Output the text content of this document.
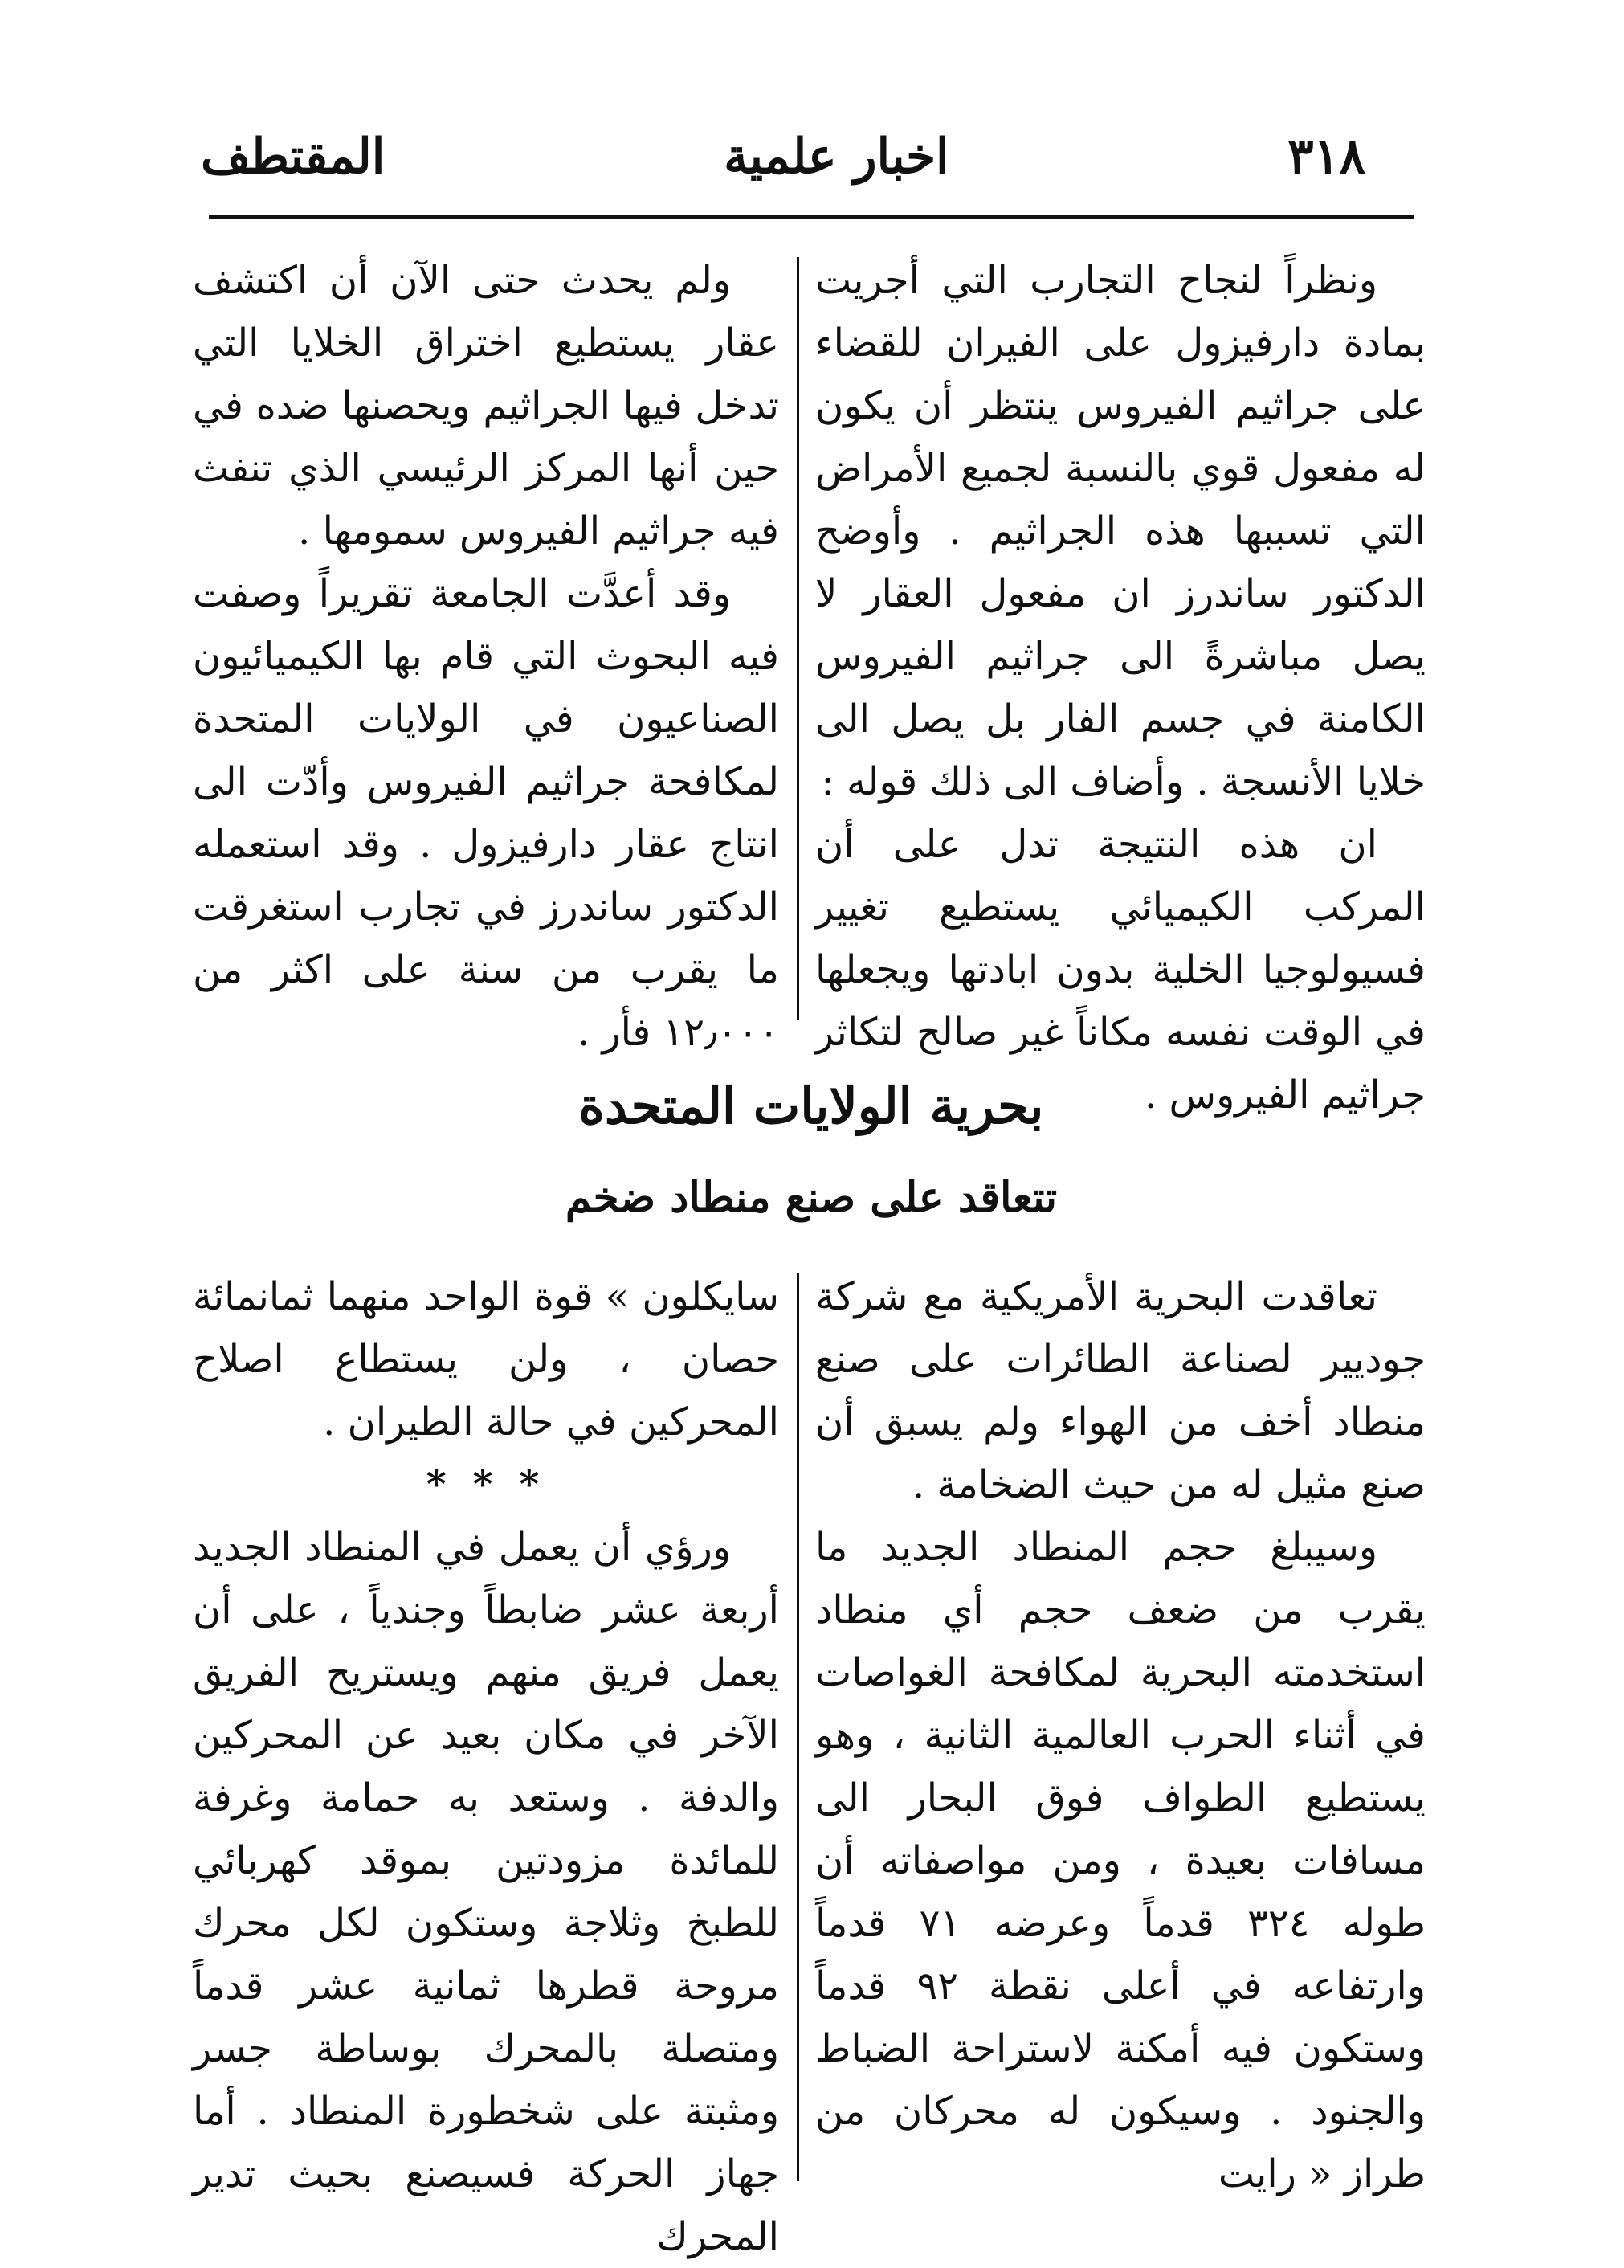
٣١٨
اخبار علمية
المقتطف

ونظراً لنجاح التجارب التي أجريت بمادة دارفيزول على الفيران للقضاء على جراثيم الفيروس ينتظر أن يكون له مفعول قوي بالنسبة لجميع الأمراض التي تسببها هذه الجراثيم . وأوضح الدكتور ساندرز ان مفعول العقار لا يصل مباشرةً الى جراثيم الفيروس الكامنة في جسم الفار بل يصل الى خلايا الأنسجة . وأضاف الى ذلك قوله :

ان هذه النتيجة تدل على أن المركب الكيميائي يستطيع تغيير فسيولوجيا الخلية بدون ابادتها ويجعلها في الوقت نفسه مكاناً غير صالح لتكاثر جراثيم الفيروس .

ولم يحدث حتى الآن أن اكتشف عقار يستطيع اختراق الخلايا التي تدخل فيها الجراثيم ويحصنها ضده في حين أنها المركز الرئيسي الذي تنفث فيه جراثيم الفيروس سمومها .

وقد أعدَّت الجامعة تقريراً وصفت فيه البحوث التي قام بها الكيميائيون الصناعيون في الولايات المتحدة لمكافحة جراثيم الفيروس وأدّت الى انتاج عقار دارفيزول . وقد استعمله الدكتور ساندرز في تجارب استغرقت ما يقرب من سنة على اكثر من ١٢٫٠٠٠ فأر .

بحرية الولايات المتحدة
تتعاقد على صنع منطاد ضخم

تعاقدت البحرية الأمريكية مع شركة جوديير لصناعة الطائرات على صنع منطاد أخف من الهواء ولم يسبق أن صنع مثيل له من حيث الضخامة .

وسيبلغ حجم المنطاد الجديد ما يقرب من ضعف حجم أي منطاد استخدمته البحرية لمكافحة الغواصات في أثناء الحرب العالمية الثانية ، وهو يستطيع الطواف فوق البحار الى مسافات بعيدة ، ومن مواصفاته أن طوله ٣٢٤ قدماً وعرضه ٧١ قدماً وارتفاعه في أعلى نقطة ٩٢ قدماً وستكون فيه أمكنة لاستراحة الضباط والجنود . وسيكون له محركان من طراز « رايت

سايكلون » قوة الواحد منهما ثمانمائة حصان ، ولن يستطاع اصلاح المحركين في حالة الطيران .

* * *

ورؤي أن يعمل في المنطاد الجديد أربعة عشر ضابطاً وجندياً ، على أن يعمل فريق منهم ويستريح الفريق الآخر في مكان بعيد عن المحركين والدفة . وستعد به حمامة وغرفة للمائدة مزودتين بموقد كهربائي للطبخ وثلاجة وستكون لكل محرك مروحة قطرها ثمانية عشر قدماً ومتصلة بالمحرك بوساطة جسر ومثبتة على شخطورة المنطاد . أما جهاز الحركة فسيصنع بحيث تدير المحرك
